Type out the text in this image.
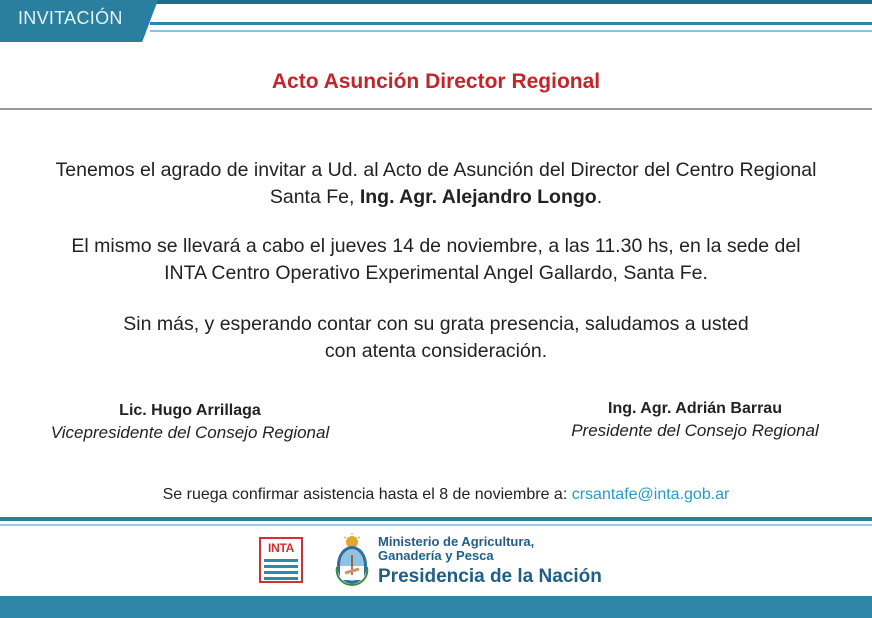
INVITACIÓN
Acto Asunción Director Regional
Tenemos el agrado de invitar a Ud. al Acto de Asunción del Director del Centro Regional
Santa Fe, Ing. Agr. Alejandro Longo.
El mismo se llevará a cabo el jueves 14 de noviembre, a las 11.30 hs, en la sede del
INTA Centro Operativo Experimental Angel Gallardo, Santa Fe.
Sin más, y esperando contar con su grata presencia, saludamos a usted
con atenta consideración.
Lic. Hugo Arrillaga
Vicepresidente del Consejo Regional
Ing. Agr. Adrián Barrau
Presidente del Consejo Regional
Se ruega confirmar asistencia hasta el 8 de noviembre a: crsantafe@inta.gob.ar
INTA	Ministerio de Agricultura,
Ganadería y Pesca
Presidencia de la Nación
